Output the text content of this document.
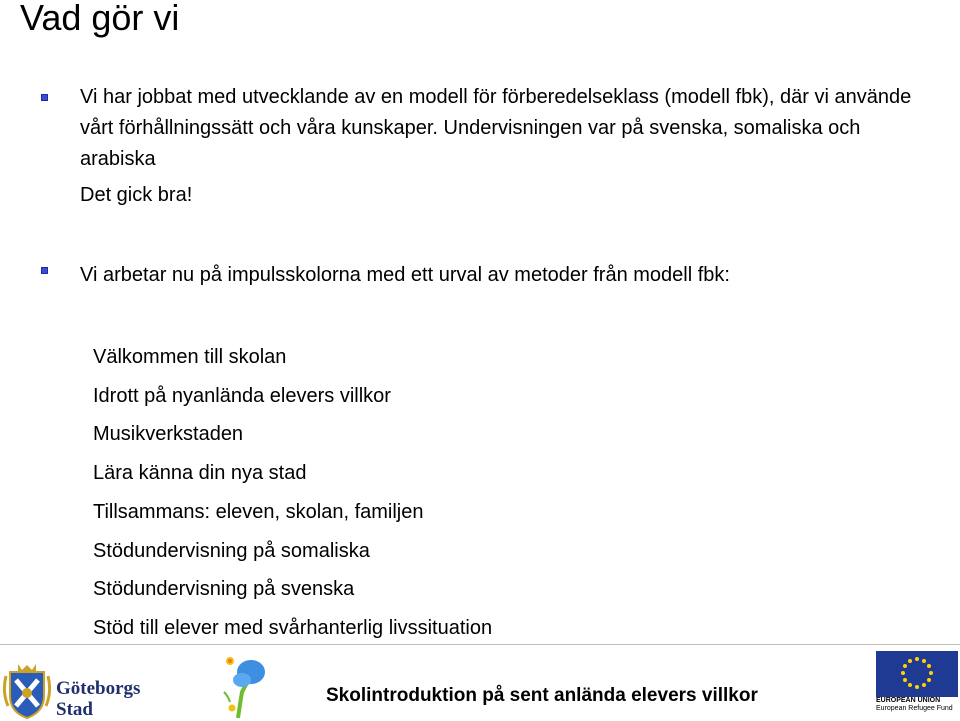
Vad gör vi
Vi har jobbat med utvecklande av en modell för förberedelseklass (modell fbk), där vi använde vårt förhållningssätt och våra kunskaper. Undervisningen var på svenska, somaliska och arabiska
Det gick bra!
Vi arbetar nu på impulsskolorna med ett urval av metoder från modell fbk:
Välkommen till skolan
Idrott på nyanlända elevers villkor
Musikverkstaden
Lära känna din nya stad
Tillsammans: eleven, skolan, familjen
Stödundervisning på somaliska
Stödundervisning på svenska
Stöd till elever med svårhanterlig livssituation
Göteborgs
Stad
Skolintroduktion på sent anlända elevers villkor	EUROPEAN UNION
European Refugee Fund
